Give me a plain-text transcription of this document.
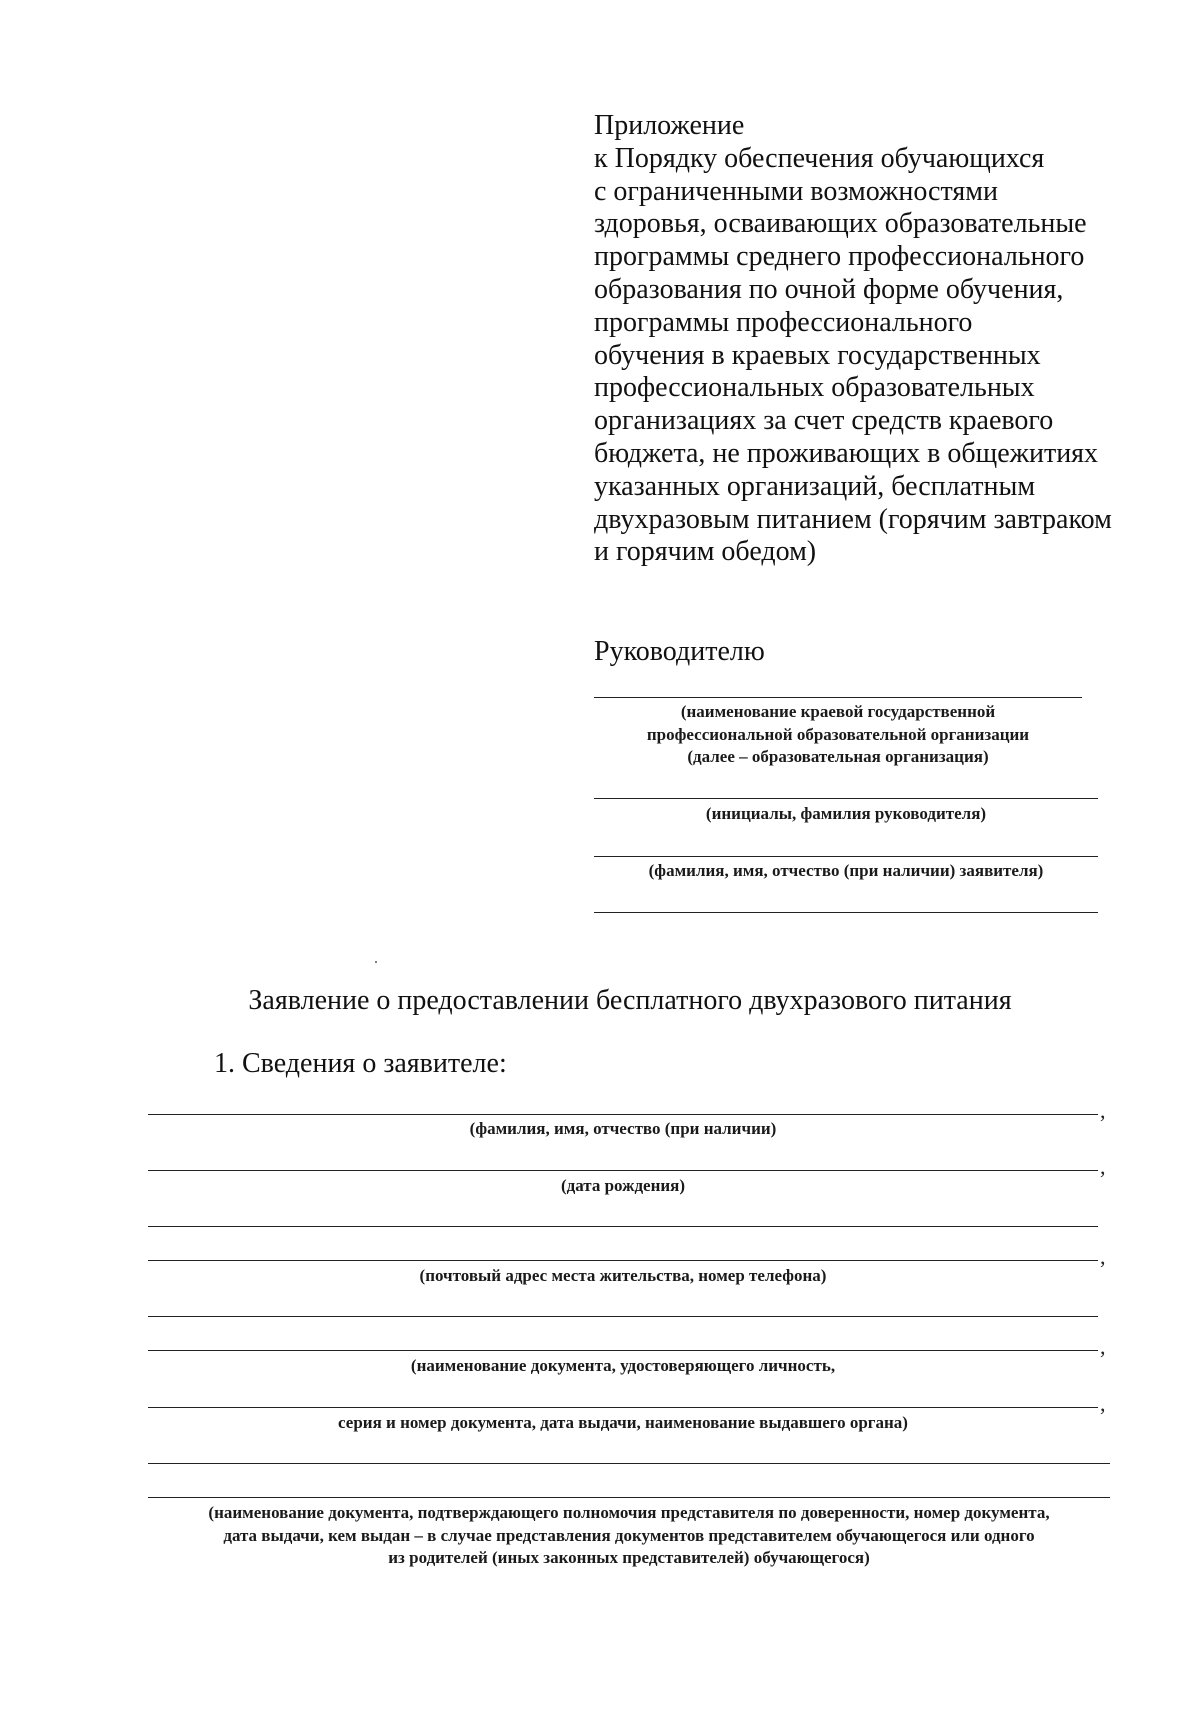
Приложение
к Порядку обеспечения обучающихся
с ограниченными возможностями
здоровья, осваивающих образовательные
программы среднего профессионального
образования по очной форме обучения,
программы профессионального
обучения в краевых государственных
профессиональных образовательных
организациях за счет средств краевого
бюджета, не проживающих в общежитиях
указанных организаций, бесплатным
двухразовым питанием (горячим завтраком
и горячим обедом)
Руководителю
(наименование краевой государственной
профессиональной образовательной организации
(далее – образовательная организация)
(инициалы, фамилия руководителя)
(фамилия, имя, отчество (при наличии) заявителя)
Заявление о предоставлении бесплатного двухразового питания
1. Сведения о заявителе:
,
(фамилия, имя, отчество (при наличии)
,
(дата рождения)
,
(почтовый адрес места жительства, номер телефона)
,
(наименование документа, удостоверяющего личность,
,
серия и номер документа, дата выдачи, наименование выдавшего органа)
(наименование документа, подтверждающего полномочия представителя по доверенности, номер документа,
дата выдачи, кем выдан – в случае представления документов представителем обучающегося или одного
из родителей (иных законных представителей) обучающегося)
